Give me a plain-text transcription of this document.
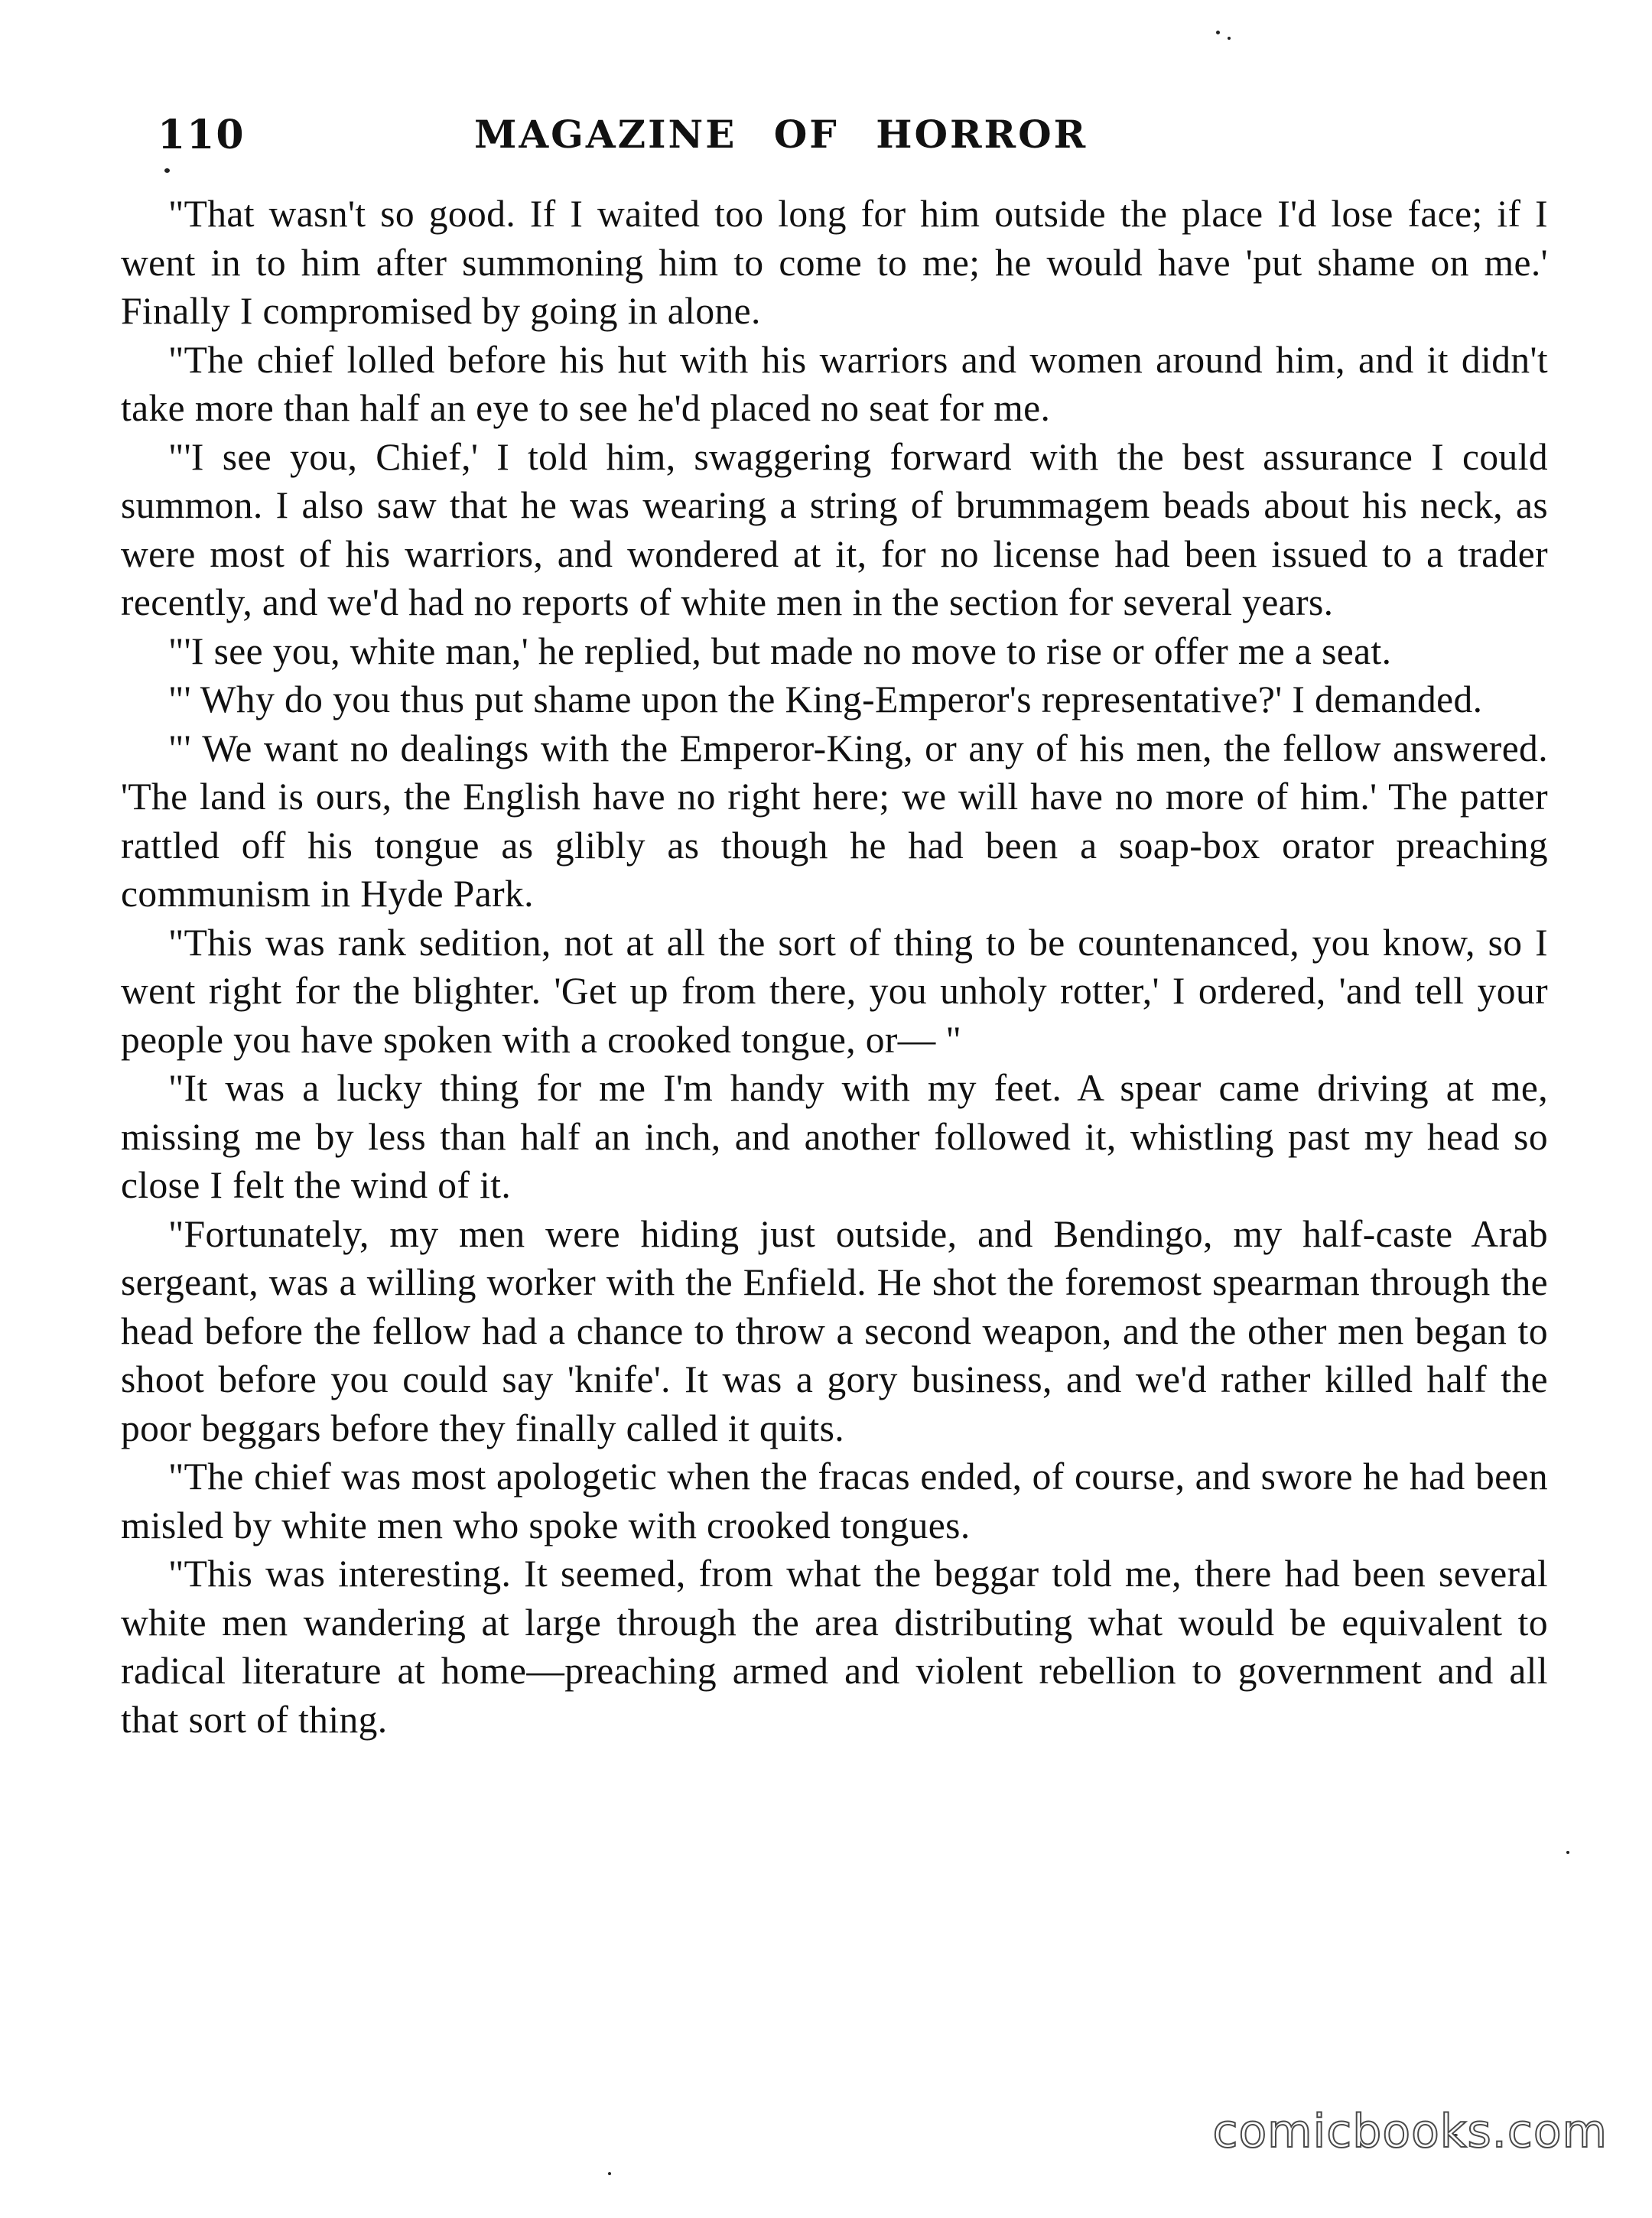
110	MAGAZINE OF HORROR

"That wasn't so good. If I waited too long for him outside the place I'd lose face; if I went in to him after summoning him to come to me; he would have 'put shame on me.' Finally I compromised by going in alone.

"The chief lolled before his hut with his warriors and women around him, and it didn't take more than half an eye to see he'd placed no seat for me.

"'I see you, Chief,' I told him, swaggering forward with the best assurance I could summon. I also saw that he was wearing a string of brummagem beads about his neck, as were most of his warriors, and wondered at it, for no license had been issued to a trader recently, and we'd had no reports of white men in the section for several years.

"'I see you, white man,' he replied, but made no move to rise or offer me a seat.

"' Why do you thus put shame upon the King-Emperor's representative?' I demanded.

"' We want no dealings with the Emperor-King, or any of his men, the fellow answered. 'The land is ours, the English have no right here; we will have no more of him.' The patter rattled off his tongue as glibly as though he had been a soap-box orator preaching communism in Hyde Park.

"This was rank sedition, not at all the sort of thing to be countenanced, you know, so I went right for the blighter. 'Get up from there, you unholy rotter,' I ordered, 'and tell your people you have spoken with a crooked tongue, or— "

"It was a lucky thing for me I'm handy with my feet. A spear came driving at me, missing me by less than half an inch, and another followed it, whistling past my head so close I felt the wind of it.

"Fortunately, my men were hiding just outside, and Bendingo, my half-caste Arab sergeant, was a willing worker with the Enfield. He shot the foremost spearman through the head before the fellow had a chance to throw a second weapon, and the other men began to shoot before you could say 'knife'. It was a gory business, and we'd rather killed half the poor beggars before they finally called it quits.

"The chief was most apologetic when the fracas ended, of course, and swore he had been misled by white men who spoke with crooked tongues.

"This was interesting. It seemed, from what the beggar told me, there had been several white men wandering at large through the area distributing what would be equivalent to radical literature at home—preaching armed and violent rebellion to government and all that sort of thing.

comicbooks.com
